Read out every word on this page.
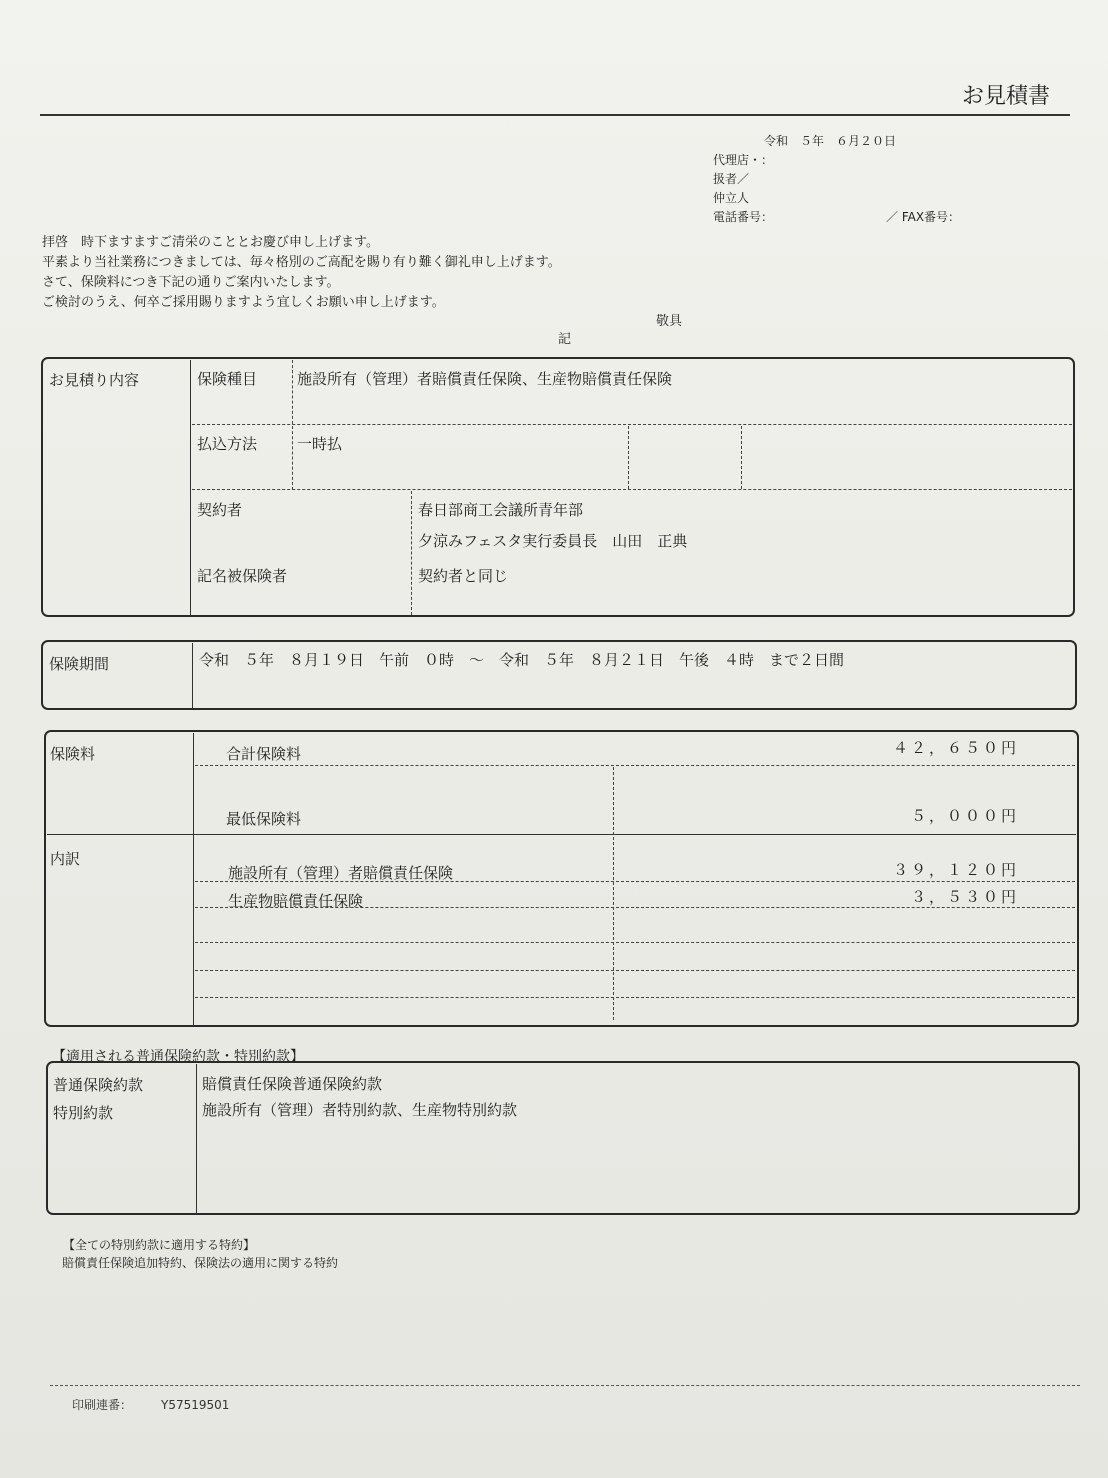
お見積書
令和　５年　６月２０日
代理店・：
扱者／
仲立人
電話番号：	／ FAX番号：
拝啓　時下ますますご清栄のこととお慶び申し上げます。
平素より当社業務につきましては、毎々格別のご高配を賜り有り難く御礼申し上げます。
さて、保険料につき下記の通りご案内いたします。
ご検討のうえ、何卒ご採用賜りますよう宜しくお願い申し上げます。
敬具
記
お見積り内容	保険種目	施設所有（管理）者賠償責任保険、生産物賠償責任保険
払込方法	一時払
契約者	春日部商工会議所青年部
夕涼みフェスタ実行委員長　山田　正典
記名被保険者	契約者と同じ
保険期間	令和　５年　８月１９日　午前　０時　～　令和　５年　８月２１日　午後　４時　まで２日間
保険料	合計保険料	４２，６５０円
最低保険料	５，０００円
内訳
施設所有（管理）者賠償責任保険	３９，１２０円
生産物賠償責任保険	３，５３０円
【適用される普通保険約款・特別約款】
普通保険約款	賠償責任保険普通保険約款
特別約款	施設所有（管理）者特別約款、生産物特別約款
【全ての特別約款に適用する特約】
賠償責任保険追加特約、保険法の適用に関する特約
印刷連番： Y57519501
